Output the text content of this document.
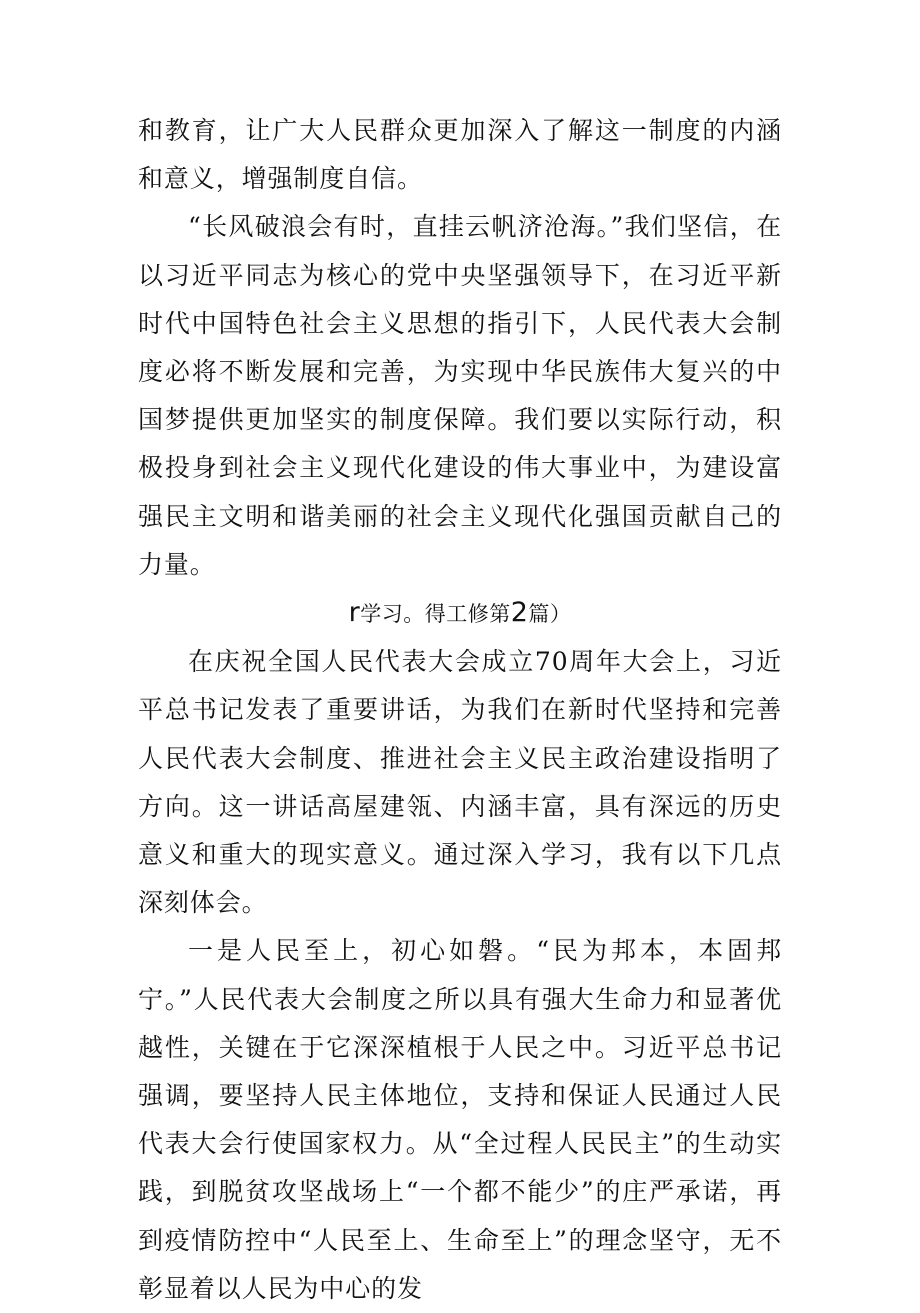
和教育，让广大人民群众更加深入了解这一制度的内涵和意义，增强制度自信。

“长风破浪会有时，直挂云帆济沧海。”我们坚信，在以习近平同志为核心的党中央坚强领导下，在习近平新时代中国特色社会主义思想的指引下，人民代表大会制度必将不断发展和完善，为实现中华民族伟大复兴的中国梦提供更加坚实的制度保障。我们要以实际行动，积极投身到社会主义现代化建设的伟大事业中，为建设富强民主文明和谐美丽的社会主义现代化强国贡献自己的力量。

r学习。得工修第2篇）

在庆祝全国人民代表大会成立70周年大会上，习近平总书记发表了重要讲话，为我们在新时代坚持和完善人民代表大会制度、推进社会主义民主政治建设指明了方向。这一讲话高屋建瓴、内涵丰富，具有深远的历史意义和重大的现实意义。通过深入学习，我有以下几点深刻体会。

一是人民至上，初心如磐。“民为邦本，本固邦宁。”人民代表大会制度之所以具有强大生命力和显著优越性，关键在于它深深植根于人民之中。习近平总书记强调，要坚持人民主体地位，支持和保证人民通过人民代表大会行使国家权力。从“全过程人民民主”的生动实践，到脱贫攻坚战场上“一个都不能少”的庄严承诺，再到疫情防控中“人民至上、生命至上”的理念坚守，无不彰显着以人民为中心的发
